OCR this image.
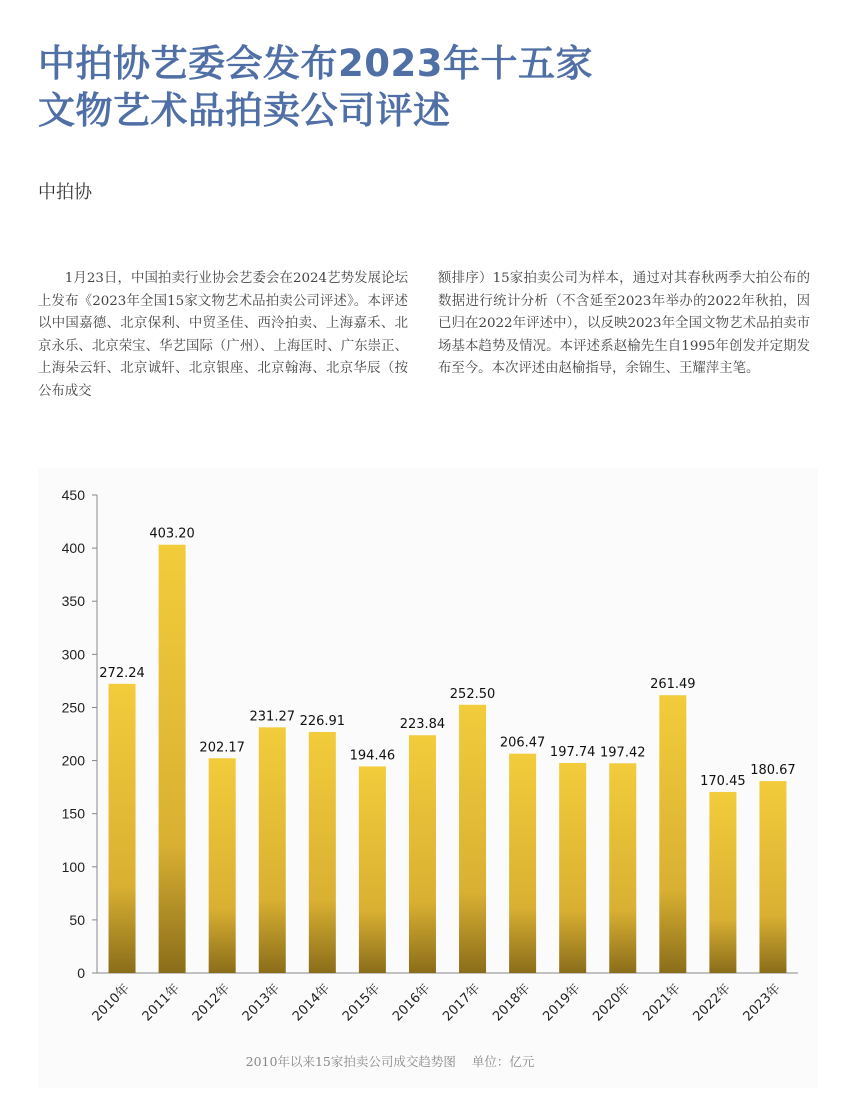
中拍协艺委会发布2023年十五家
文物艺术品拍卖公司评述
中拍协

1月23日，中国拍卖行业协会艺委会在2024艺势发展论坛上发布《2023年全国15家文物艺术品拍卖公司评述》。本评述以中国嘉德、北京保利、中贸圣佳、西泠拍卖、上海嘉禾、北京永乐、北京荣宝、华艺国际（广州）、上海匡时、广东崇正、上海朵云轩、北京诚轩、北京银座、北京翰海、北京华辰（按公布成交

额排序）15家拍卖公司为样本，通过对其春秋两季大拍公布的数据进行统计分析（不含延至2023年举办的2022年秋拍，因已归在2022年评述中），以反映2023年全国文物艺术品拍卖市场基本趋势及情况。本评述系赵榆先生自1995年创发并定期发布至今。本次评述由赵榆指导，余锦生、王耀萍主笔。

272.24
403.20
202.17
231.27 226.91
194.46
223.84
252.50
206.47
197.74 197.42
261.49
170.45
180.67
0
50
100
150
200
250
300
350
400
450
2010年 2011年 2012年 2013年 2014年 2015年 2016年 2017年 2018年 2019年 2020年 2021年 2022年 2023年
2010年以来15家拍卖公司成交趋势图 单位：亿元
